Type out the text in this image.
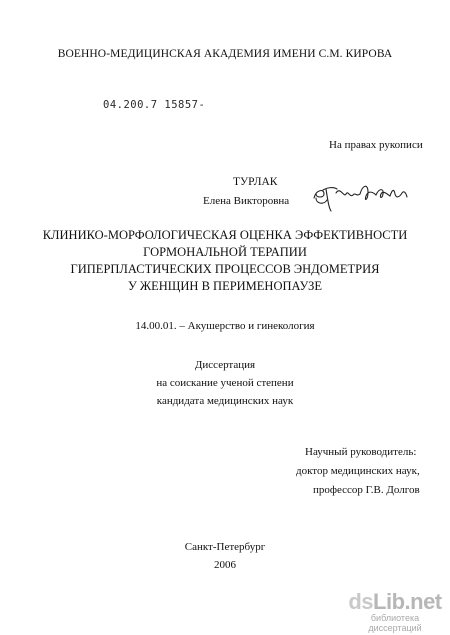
ВОЕННО-МЕДИЦИНСКАЯ АКАДЕМИЯ ИМЕНИ С.М. КИРОВА
04.200.7 15857-
На правах рукописи
ТУРЛАК
Елена Викторовна
КЛИНИКО-МОРФОЛОГИЧЕСКАЯ ОЦЕНКА ЭФФЕКТИВНОСТИ
ГОРМОНАЛЬНОЙ ТЕРАПИИ
ГИПЕРПЛАСТИЧЕСКИХ ПРОЦЕССОВ ЭНДОМЕТРИЯ
У ЖЕНЩИН В ПЕРИМЕНОПАУЗЕ
14.00.01. – Акушерство и гинекология
Диссертация
на соискание ученой степени
кандидата медицинских наук
Научный руководитель:
доктор медицинских наук,
профессор Г.В. Долгов
Санкт-Петербург
2006
dsLib.net
библиотека диссертаций
